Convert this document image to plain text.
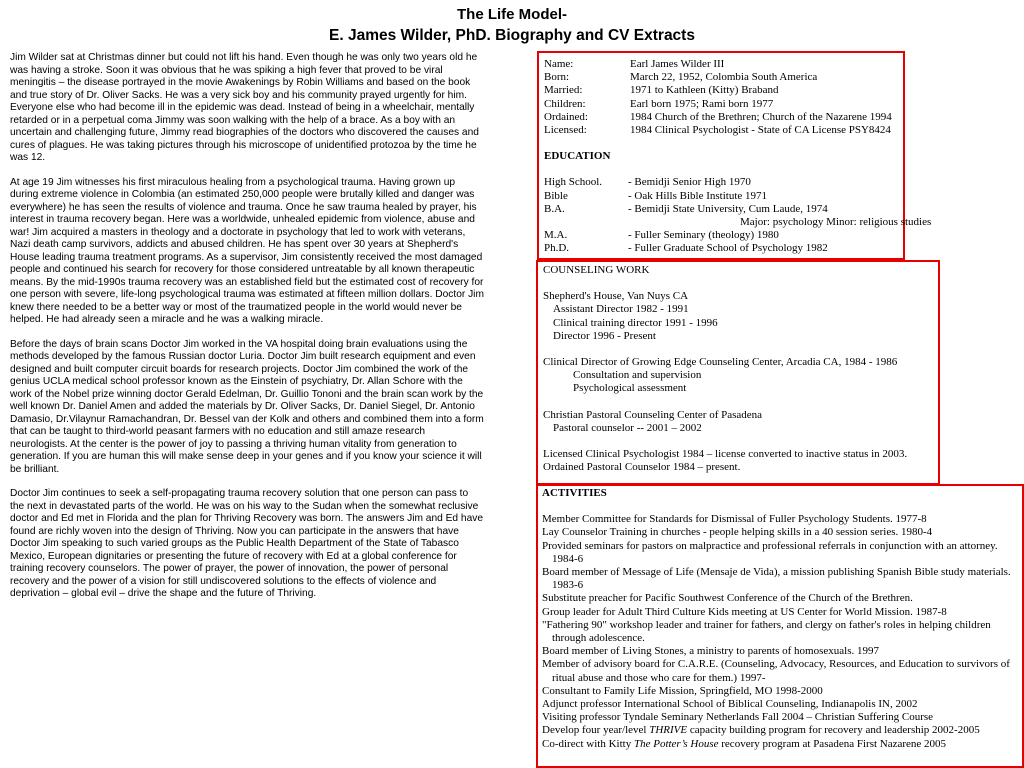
The Life Model-
E. James Wilder, PhD. Biography and CV Extracts

Jim Wilder sat at Christmas dinner but could not lift his hand. Even though he was only two years old he was having a stroke. Soon it was obvious that he was spiking a high fever that proved to be viral meningitis – the disease portrayed in the movie Awakenings by Robin Williams and based on the book and true story of Dr. Oliver Sacks. He was a very sick boy and his community prayed urgently for him. Everyone else who had become ill in the epidemic was dead. Instead of being in a wheelchair, mentally retarded or in a perpetual coma Jimmy was soon walking with the help of a brace. As a boy with an uncertain and challenging future, Jimmy read biographies of the doctors who discovered the causes and cures of plagues. He was taking pictures through his microscope of unidentified protozoa by the time he was 12.

At age 19 Jim witnesses his first miraculous healing from a psychological trauma. Having grown up during extreme violence in Colombia (an estimated 250,000 people were brutally killed and danger was everywhere) he has seen the results of violence and trauma. Once he saw trauma healed by prayer, his interest in trauma recovery began. Here was a worldwide, unhealed epidemic from violence, abuse and war! Jim acquired a masters in theology and a doctorate in psychology that led to work with veterans, Nazi death camp survivors, addicts and abused children. He has spent over 30 years at Shepherd's House leading trauma treatment programs. As a supervisor, Jim consistently received the most damaged people and continued his search for recovery for those considered untreatable by all known therapeutic means. By the mid-1990s trauma recovery was an established field but the estimated cost of recovery for one person with severe, life-long psychological trauma was estimated at fifteen million dollars. Doctor Jim knew there needed to be a better way or most of the traumatized people in the world would never be helped. He had already seen a miracle and he was a walking miracle.

Before the days of brain scans Doctor Jim worked in the VA hospital doing brain evaluations using the methods developed by the famous Russian doctor Luria. Doctor Jim built research equipment and even designed and built computer circuit boards for research projects. Doctor Jim combined the work of the genius UCLA medical school professor known as the Einstein of psychiatry, Dr. Allan Schore with the work of the Nobel prize winning doctor Gerald Edelman, Dr. Guillio Tononi and the brain scan work by the well known Dr. Daniel Amen and added the materials by Dr. Oliver Sacks, Dr. Daniel Siegel, Dr. Antonio Damasio, Dr.Vilaynur Ramachandran, Dr. Bessel van der Kolk and others and combined them into a form that can be taught to third-world peasant farmers with no education and still amaze research neurologists. At the center is the power of joy to passing a thriving human vitality from generation to generation. If you are human this will make sense deep in your genes and if you know your science it will be brilliant.

Doctor Jim continues to seek a self-propagating trauma recovery solution that one person can pass to the next in devastated parts of the world. He was on his way to the Sudan when the somewhat reclusive doctor and Ed met in Florida and the plan for Thriving Recovery was born. The answers Jim and Ed have found are richly woven into the design of Thriving. Now you can participate in the answers that have Doctor Jim speaking to such varied groups as the Public Health Department of the State of Tabasco Mexico, European dignitaries or presenting the future of recovery with Ed at a global conference for training recovery counselors. The power of prayer, the power of innovation, the power of personal recovery and the power of a vision for still undiscovered solutions to the effects of violence and deprivation – global evil – drive the shape and the future of Thriving.

Name:	Earl James Wilder III
Born:	March 22, 1952, Colombia South America
Married:	1971 to Kathleen (Kitty) Braband
Children:	Earl born 1975; Rami born 1977
Ordained:	1984 Church of the Brethren; Church of the Nazarene 1994
Licensed:	1984 Clinical Psychologist - State of CA License PSY8424
EDUCATION
High School.	- Bemidji Senior High 1970
Bible	- Oak Hills Bible Institute 1971
B.A.	- Bemidji State University, Cum Laude, 1974
Major: psychology Minor: religious studies
M.A.	- Fuller Seminary (theology) 1980
Ph.D.	- Fuller Graduate School of Psychology 1982
COUNSELING WORK
Shepherd's House, Van Nuys CA
Assistant Director 1982 - 1991
Clinical training director 1991 - 1996
Director 1996 - Present
Clinical Director of Growing Edge Counseling Center, Arcadia CA, 1984 - 1986
Consultation and supervision
Psychological assessment
Christian Pastoral Counseling Center of Pasadena
Pastoral counselor -- 2001 – 2002
Licensed Clinical Psychologist 1984 – license converted to inactive status in 2003.
Ordained Pastoral Counselor 1984 – present.
ACTIVITIES
Member Committee for Standards for Dismissal of Fuller Psychology Students. 1977-8
Lay Counselor Training in churches - people helping skills in a 40 session series. 1980-4
Provided seminars for pastors on malpractice and professional referrals in conjunction with an attorney. 1984-6
Board member of Message of Life (Mensaje de Vida), a mission publishing Spanish Bible study materials. 1983-6
Substitute preacher for Pacific Southwest Conference of the Church of the Brethren.
Group leader for Adult Third Culture Kids meeting at US Center for World Mission. 1987-8
"Fathering 90" workshop leader and trainer for fathers, and clergy on father's roles in helping children through adolescence.
Board member of Living Stones, a ministry to parents of homosexuals. 1997
Member of advisory board for C.A.R.E. (Counseling, Advocacy, Resources, and Education to survivors of ritual abuse and those who care for them.) 1997-
Consultant to Family Life Mission, Springfield, MO 1998-2000
Adjunct professor International School of Biblical Counseling, Indianapolis IN, 2002
Visiting professor Tyndale Seminary Netherlands Fall 2004 – Christian Suffering Course
Develop four year/level THRIVE capacity building program for recovery and leadership 2002-2005
Co-direct with Kitty The Potter’s House recovery program at Pasadena First Nazarene 2005
